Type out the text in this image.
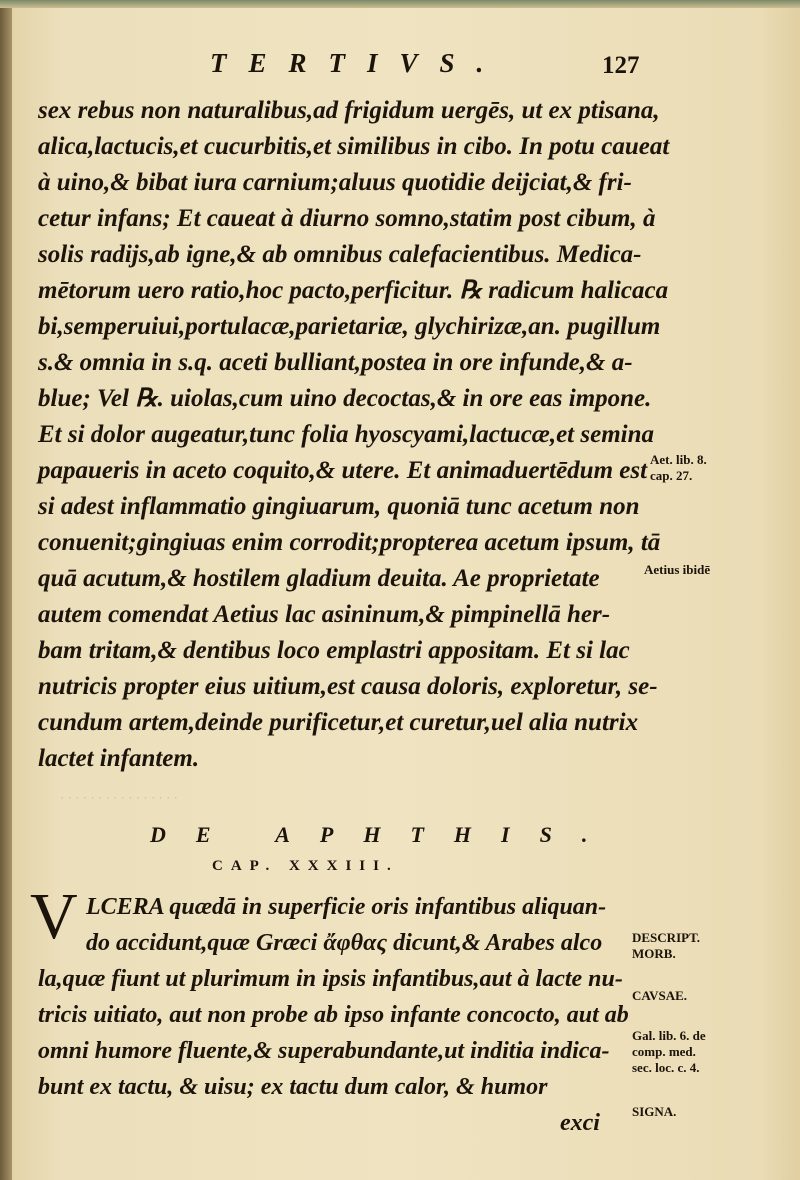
TERTIVS.	127
sex rebus non naturalibus,ad frigidum uergēs, ut ex ptisana,
alica,lactucis,et cucurbitis,et similibus in cibo. In potu caueat
à uino,& bibat iura carnium;aluus quotidie deijciat,& fri-
cetur infans; Et caueat à diurno somno,statim post cibum, à
solis radijs,ab igne,& ab omnibus calefacientibus. Medica-
mētorum uero ratio,hoc pacto,perficitur. ℞ radicum halicaca
bi,semperuiui,portulacæ,parietariæ, glychirizæ,an. pugillum
s.& omnia in s.q. aceti bulliant,postea in ore infunde,& a-
blue; Vel ℞. uiolas,cum uino decoctas,& in ore eas impone.
Et si dolor augeatur,tunc folia hyoscyami,lactucæ,et semina
papaueris in aceto coquito,& utere. Et animaduertēdum est
si adest inflammatio gingiuarum, quoniā tunc acetum non
conuenit;gingiuas enim corrodit;propterea acetum ipsum, tā
quā acutum,& hostilem gladium deuita. Ae proprietate
autem comendat Aetius lac asininum,& pimpinellā her-
bam tritam,& dentibus loco emplastri appositam. Et si lac
nutricis propter eius uitium,est causa doloris, exploretur, se-
cundum artem,deinde purificetur,et curetur,uel alia nutrix
lactet infantem.
· · · · · · · · · · · · · · · ·
DE APHTHIS.
CAP. XXXIII.
V LCERA quædā in superficie oris infantibus aliquan-
do accidunt,quæ Græci ἄφθας dicunt,& Arabes alco
la,quæ fiunt ut plurimum in ipsis infantibus,aut à lacte nu-
tricis uitiato, aut non probe ab ipso infante concocto, aut ab
omni humore fluente,& superabundante,ut inditia indica-
bunt ex tactu, & uisu; ex tactu dum calor, & humor
exci
Aet. lib. 8.
cap. 27.
Aetius ibidē
DESCRIPT.
MORB.
CAVSAE.
Gal. lib. 6. de
comp. med.
sec. loc. c. 4.
SIGNA.
